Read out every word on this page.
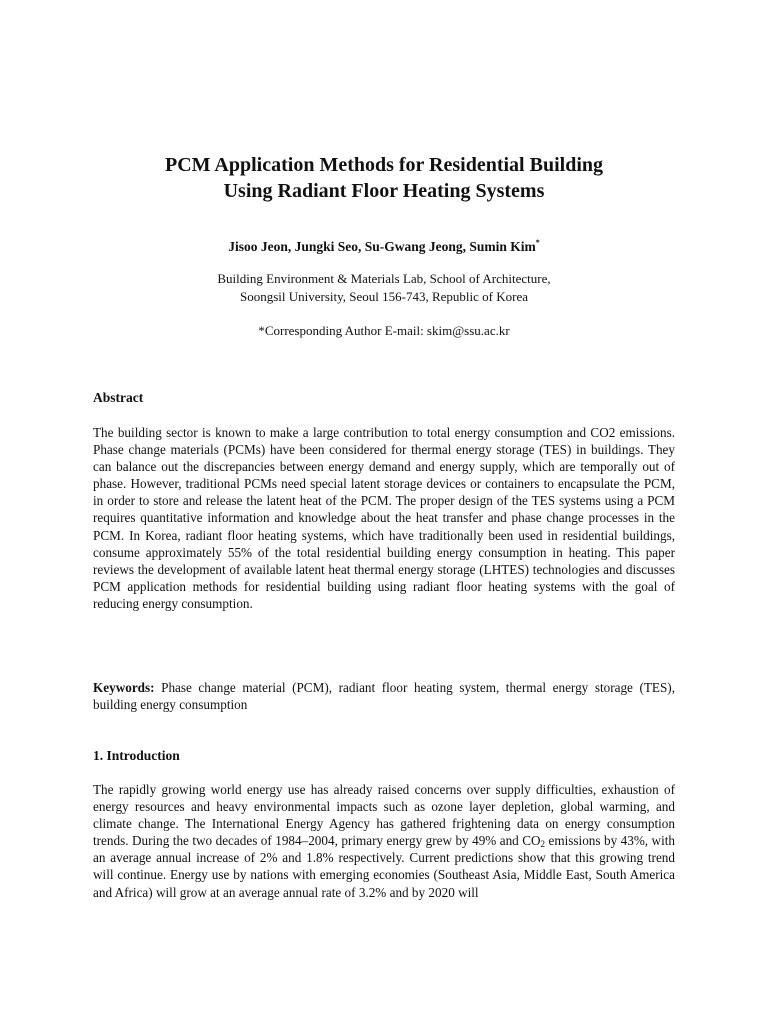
PCM Application Methods for Residential Building
Using Radiant Floor Heating Systems

Jisoo Jeon, Jungki Seo, Su-Gwang Jeong, Sumin Kim*

Building Environment & Materials Lab, School of Architecture,
Soongsil University, Seoul 156-743, Republic of Korea

*Corresponding Author E-mail: skim@ssu.ac.kr

Abstract

The building sector is known to make a large contribution to total energy consumption and CO2 emissions. Phase change materials (PCMs) have been considered for thermal energy storage (TES) in buildings. They can balance out the discrepancies between energy demand and energy supply, which are temporally out of phase. However, traditional PCMs need special latent storage devices or containers to encapsulate the PCM, in order to store and release the latent heat of the PCM. The proper design of the TES systems using a PCM requires quantitative information and knowledge about the heat transfer and phase change processes in the PCM. In Korea, radiant floor heating systems, which have traditionally been used in residential buildings, consume approximately 55% of the total residential building energy consumption in heating. This paper reviews the development of available latent heat thermal energy storage (LHTES) technologies and discusses PCM application methods for residential building using radiant floor heating systems with the goal of reducing energy consumption.

Keywords: Phase change material (PCM), radiant floor heating system, thermal energy storage (TES), building energy consumption

1. Introduction

The rapidly growing world energy use has already raised concerns over supply difficulties, exhaustion of energy resources and heavy environmental impacts such as ozone layer depletion, global warming, and climate change. The International Energy Agency has gathered frightening data on energy consumption trends. During the two decades of 1984–2004, primary energy grew by 49% and $CO_2$ emissions by 43%, with an average annual increase of 2% and 1.8% respectively. Current predictions show that this growing trend will continue. Energy use by nations with emerging economies (Southeast Asia, Middle East, South America and Africa) will grow at an average annual rate of 3.2% and by 2020 will
